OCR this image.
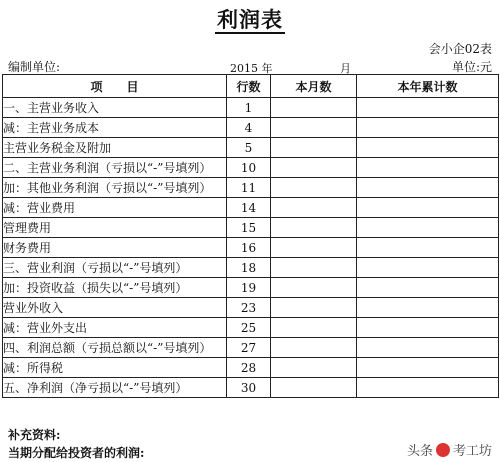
利润表
会小企02表
编制单位:	2015 年	月	单位:元
项　　目	行数	本月数	本年累计数
一、主营业务收入	1		
减：主营业务成本	4		
主营业务税金及附加	5		
二、主营业务利润（亏损以“-”号填列）	10		
加：其他业务利润（亏损以“-”号填列）	11		
减：营业费用	14		
管理费用	15		
财务费用	16		
三、营业利润（亏损以“-”号填列）	18		
加：投资收益（损失以“-”号填列）	19		
营业外收入	23		
减：营业外支出	25		
四、利润总额（亏损总额以“-”号填列）	27		
减：所得税	28		
五、净利润（净亏损以“-”号填列）	30		
补充资料:
当期分配给投资者的利润:	头条 考工坊
